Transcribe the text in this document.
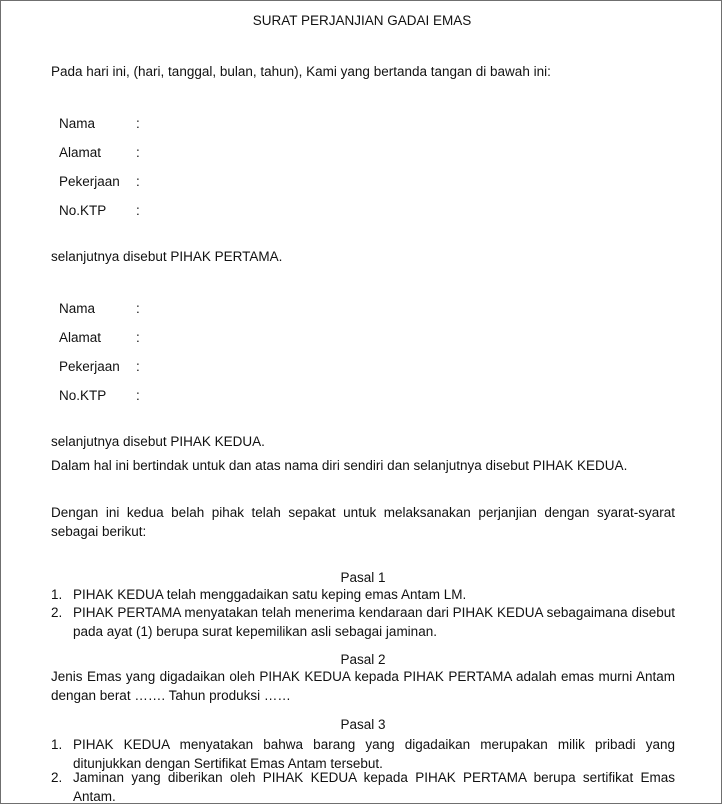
SURAT PERJANJIAN GADAI EMAS
Pada hari ini, (hari, tanggal, bulan, tahun), Kami yang bertanda tangan di bawah ini:
Nama	:
Alamat	:
Pekerjaan :
No.KTP :
selanjutnya disebut PIHAK PERTAMA.
Nama	:
Alamat	:
Pekerjaan :
No.KTP :
selanjutnya disebut PIHAK KEDUA.
Dalam hal ini bertindak untuk dan atas nama diri sendiri dan selanjutnya disebut PIHAK KEDUA.
Dengan ini kedua belah pihak telah sepakat untuk melaksanakan perjanjian dengan syarat-syarat sebagai berikut:
Pasal 1
1. PIHAK KEDUA telah menggadaikan satu keping emas Antam LM.
2. PIHAK PERTAMA menyatakan telah menerima kendaraan dari PIHAK KEDUA sebagaimana disebut pada ayat (1) berupa surat kepemilikan asli sebagai jaminan.
Pasal 2
Jenis Emas yang digadaikan oleh PIHAK KEDUA kepada PIHAK PERTAMA adalah emas murni Antam dengan berat ……. Tahun produksi ……
Pasal 3
1. PIHAK KEDUA menyatakan bahwa barang yang digadaikan merupakan milik pribadi yang ditunjukkan dengan Sertifikat Emas Antam tersebut.
2. Jaminan yang diberikan oleh PIHAK KEDUA kepada PIHAK PERTAMA berupa sertifikat Emas Antam.
